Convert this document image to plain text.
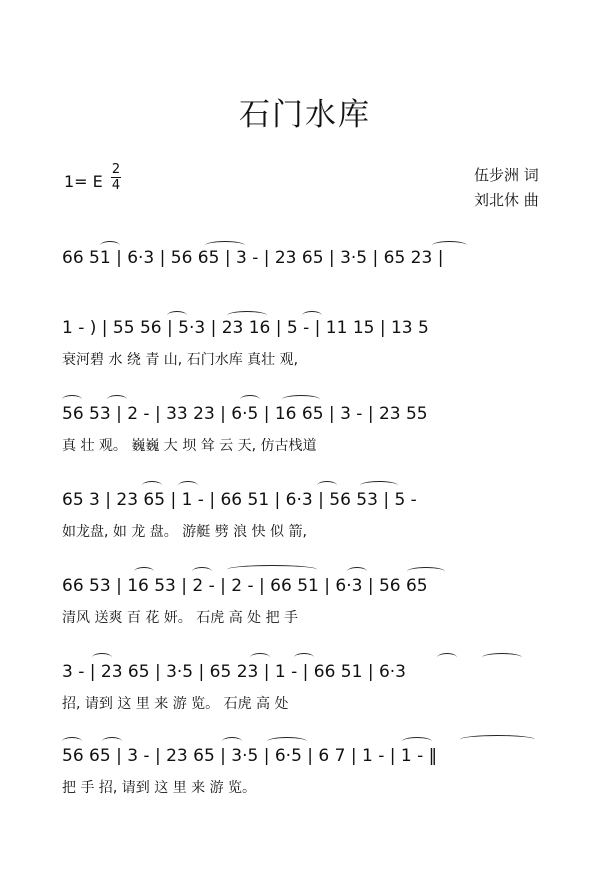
石门水库
1= E
2
4
伍步洲 词
刘北休 曲
66 51 | 6·3 | 56 65 | 3 - | 23 65 | 3·5 | 65 23 |
1 - ) | 55 56 | 5·3 | 23 16 | 5 - | 11 15 | 13 5
衰河碧 水 绕 青 山, 石门水库 真壮 观,
56 53 | 2 - | 33 23 | 6·5 | 16 65 | 3 - | 23 55
真 壮 观。 巍巍 大 坝 耸 云 天, 仿古栈道
65 3 | 23 65 | 1 - | 66 51 | 6·3 | 56 53 | 5 -
如龙盘, 如 龙 盘。 游艇 劈 浪 快 似 箭,
66 53 | 16 53 | 2 - | 2 - | 66 51 | 6·3 | 56 65
清风 送爽 百 花 妍。 石虎 高 处 把 手
3 - | 23 65 | 3·5 | 65 23 | 1 - | 66 51 | 6·3
招, 请到 这 里 来 游 览。 石虎 高 处
56 65 | 3 - | 23 65 | 3·5 | 6·5 | 6 7 | 1 - | 1 - ‖
把 手 招, 请到 这 里 来 游 览。
